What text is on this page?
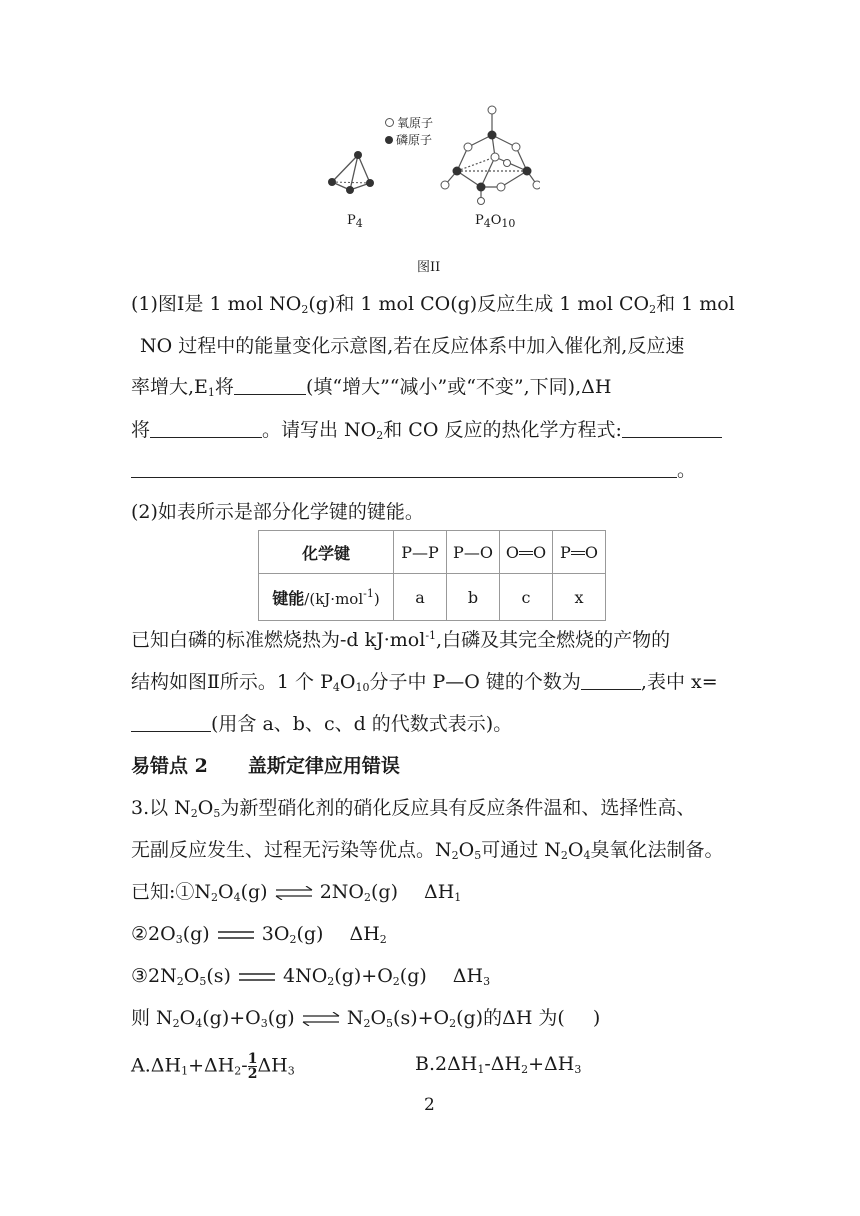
$P_4$
氧原子
磷原子
$P_4O_{10}$
图II
(1)图Ⅰ是 1 mol $NO_2(g)$和 1 mol CO(g)反应生成 1 mol $CO_2$和 1 mol
NO 过程中的能量变化示意图,若在反应体系中加入催化剂,反应速
率增大$,E_1$将	(填“增大”“减小”或“不变”,下同),ΔH
将	。请写出 $NO_2$和 CO 反应的热化学方程式:
。
(2)如表所示是部分化学键的键能。
化学键	P—P	P—O	O O	P O
键能/(kJ·mol$^{-1}$)	a	b	c	x
已知白磷的标准燃烧热为-d kJ·mol$^{-1}$,白磷及其完全燃烧的产物的
结构如图Ⅱ所示。1 个 $P_4O_{10}$分子中 P—O 键的个数为	,表中 x=
(用含 a、b、c、d 的代数式表示)。
易错点 2 盖斯定律应用错误
3.以 $N_2O_5$为新型硝化剂的硝化反应具有反应条件温和、选择性高、
无副反应发生、过程无污染等优点。$N_2O_5$可通过 $N_2O_4$臭氧化法制备。
已知$:①N_2O_4(g)$ ⇌ $2NO_2(g)$ $\Delta H_1$
$②2O_3(g)$	$3O_2(g)$ $\Delta H_2$
$③2N_2O_5(s)$	$4NO_2(g)+O_2(g)$ $\Delta H_3$
则 $N_2O_4(g)+O_3(g)$ ⇌ $N_2O_5(s)+O_2(g)$的ΔH 为( )
$A.\Delta H_1+\Delta H_2- \frac{1}{2} \Delta H_3$	$B.2\Delta H_1-\Delta H_2+\Delta H_3$
2
